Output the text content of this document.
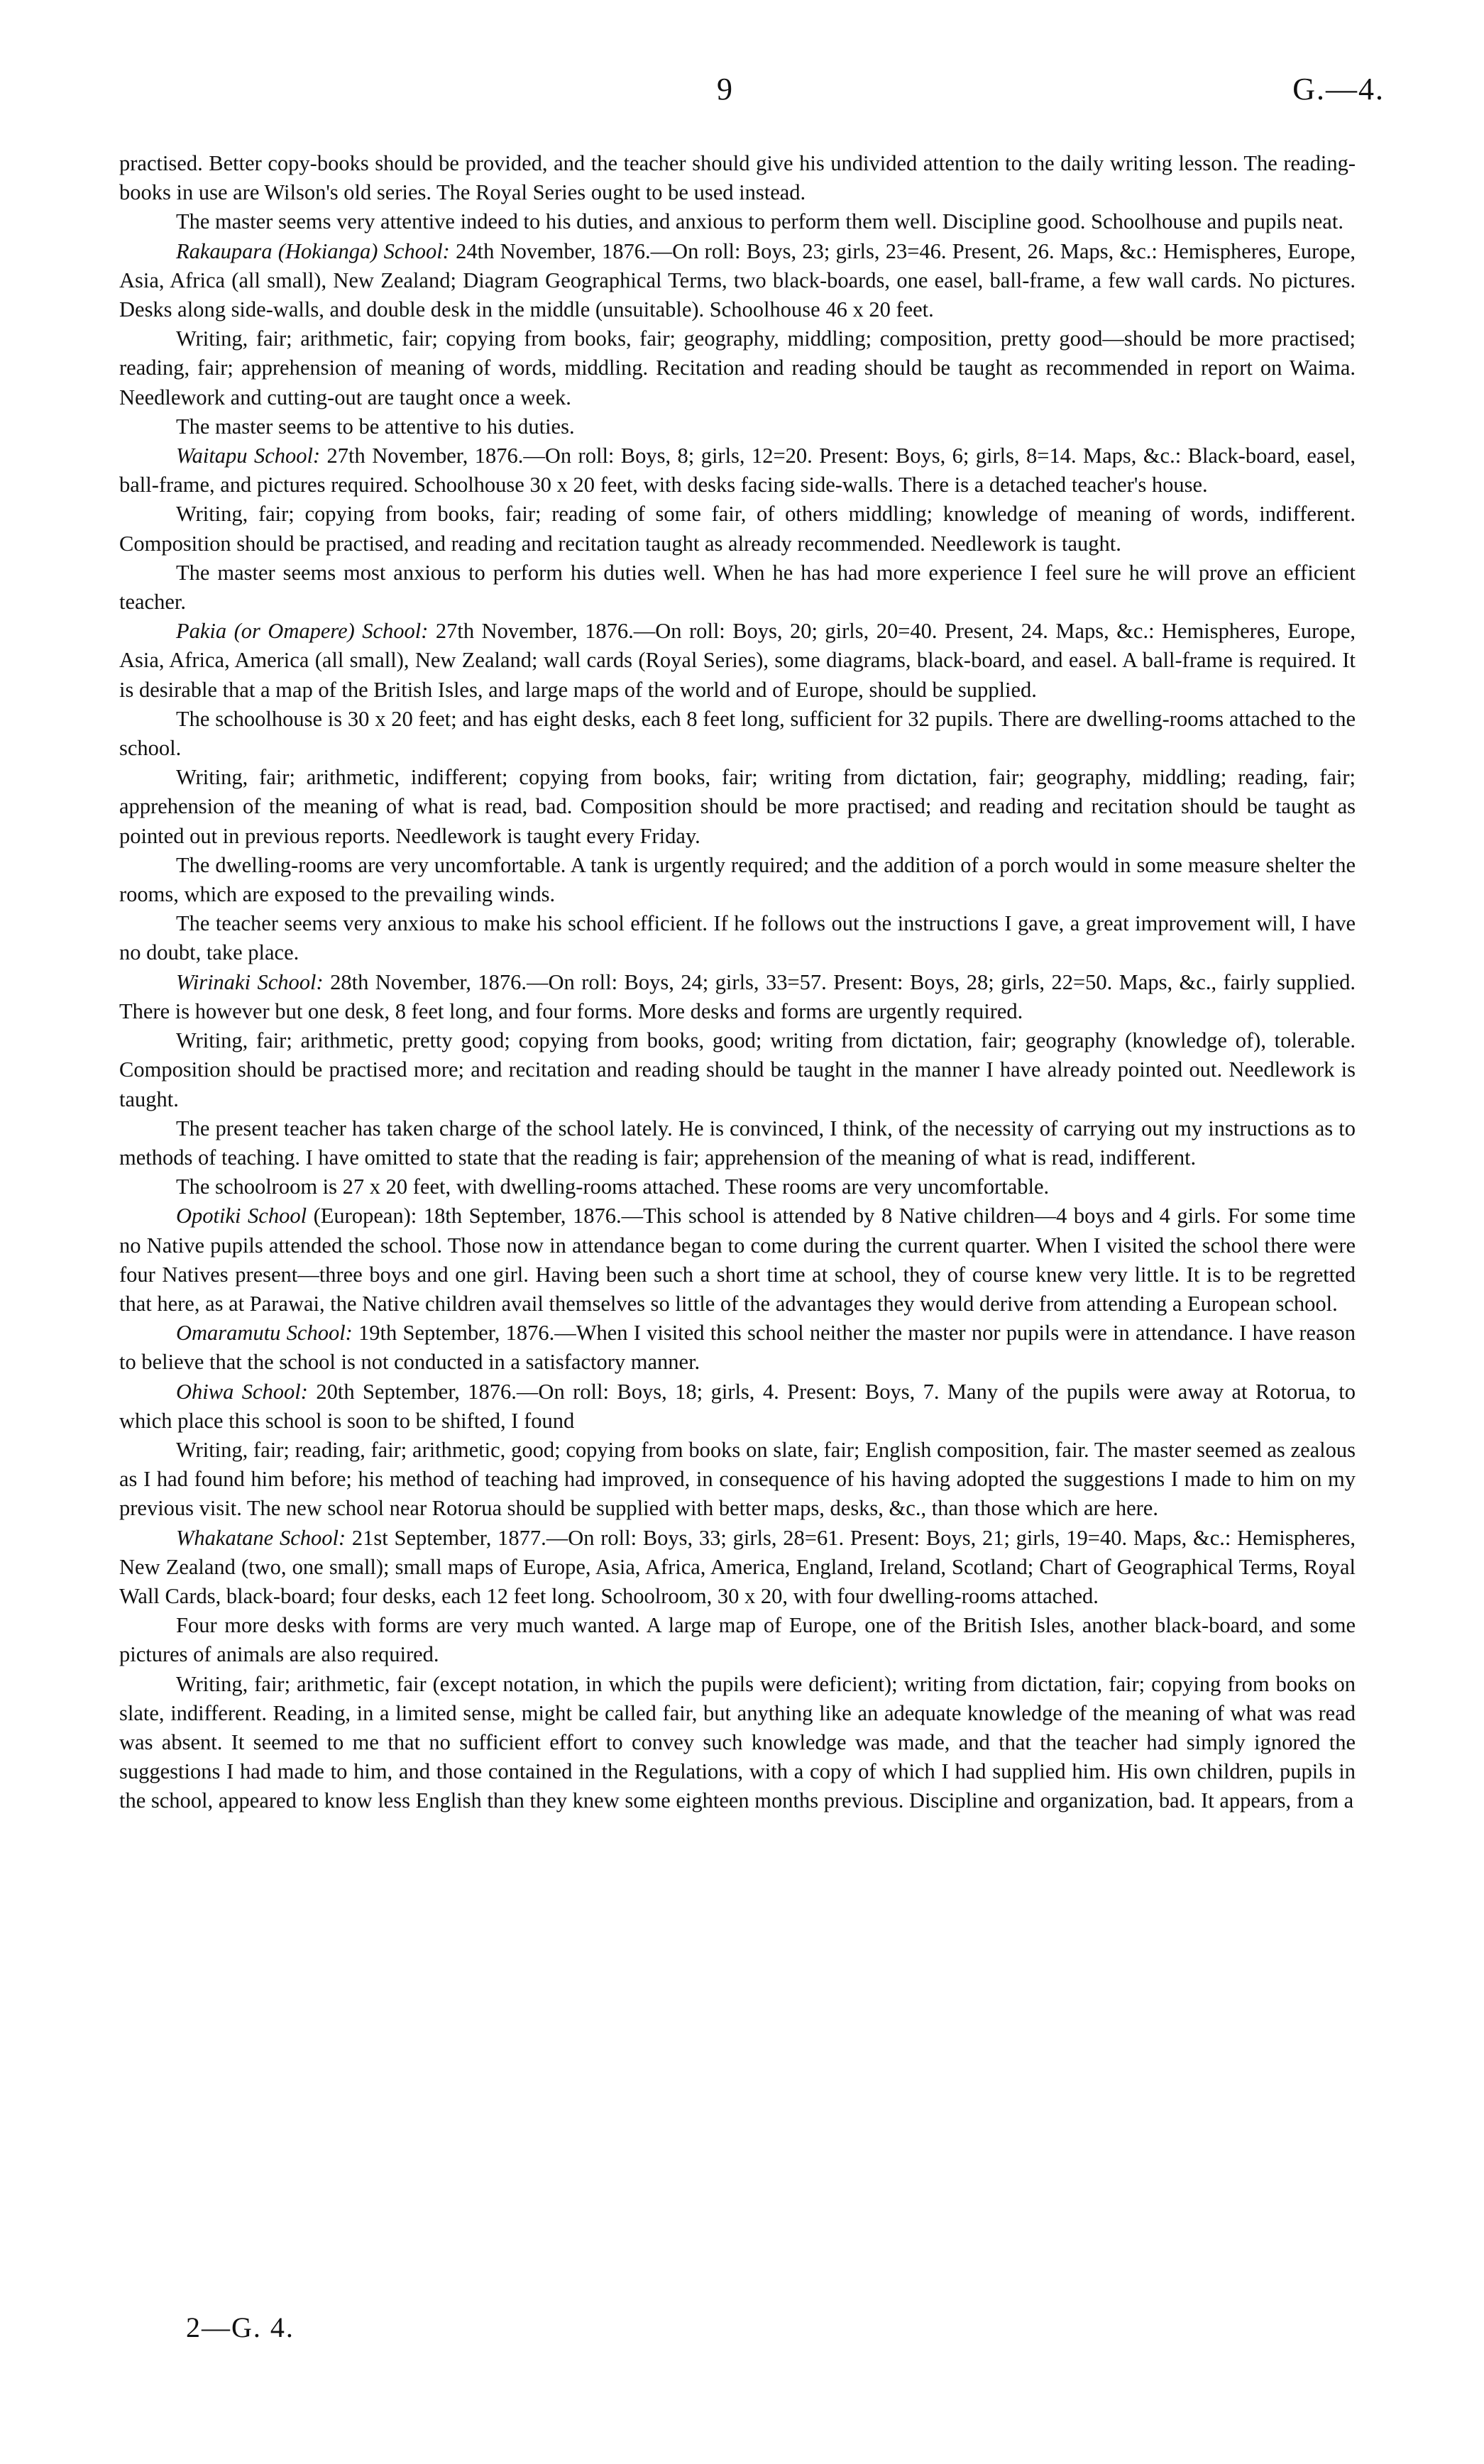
9	G.—4.

practised. Better copy-books should be provided, and the teacher should give his undivided attention to the daily writing lesson. The reading-books in use are Wilson's old series. The Royal Series ought to be used instead.

The master seems very attentive indeed to his duties, and anxious to perform them well. Discipline good. Schoolhouse and pupils neat.

Rakaupara (Hokianga) School: 24th November, 1876.—On roll: Boys, 23; girls, 23=46. Present, 26. Maps, &c.: Hemispheres, Europe, Asia, Africa (all small), New Zealand; Diagram Geographical Terms, two black-boards, one easel, ball-frame, a few wall cards. No pictures. Desks along side-walls, and double desk in the middle (unsuitable). Schoolhouse 46 x 20 feet.

Writing, fair; arithmetic, fair; copying from books, fair; geography, middling; composition, pretty good—should be more practised; reading, fair; apprehension of meaning of words, middling. Recitation and reading should be taught as recommended in report on Waima. Needlework and cutting-out are taught once a week.

The master seems to be attentive to his duties.

Waitapu School: 27th November, 1876.—On roll: Boys, 8; girls, 12=20. Present: Boys, 6; girls, 8=14. Maps, &c.: Black-board, easel, ball-frame, and pictures required. Schoolhouse 30 x 20 feet, with desks facing side-walls. There is a detached teacher's house.

Writing, fair; copying from books, fair; reading of some fair, of others middling; knowledge of meaning of words, indifferent. Composition should be practised, and reading and recitation taught as already recommended. Needlework is taught.

The master seems most anxious to perform his duties well. When he has had more experience I feel sure he will prove an efficient teacher.

Pakia (or Omapere) School: 27th November, 1876.—On roll: Boys, 20; girls, 20=40. Present, 24. Maps, &c.: Hemispheres, Europe, Asia, Africa, America (all small), New Zealand; wall cards (Royal Series), some diagrams, black-board, and easel. A ball-frame is required. It is desirable that a map of the British Isles, and large maps of the world and of Europe, should be supplied.

The schoolhouse is 30 x 20 feet; and has eight desks, each 8 feet long, sufficient for 32 pupils. There are dwelling-rooms attached to the school.

Writing, fair; arithmetic, indifferent; copying from books, fair; writing from dictation, fair; geography, middling; reading, fair; apprehension of the meaning of what is read, bad. Composition should be more practised; and reading and recitation should be taught as pointed out in previous reports. Needlework is taught every Friday.

The dwelling-rooms are very uncomfortable. A tank is urgently required; and the addition of a porch would in some measure shelter the rooms, which are exposed to the prevailing winds.

The teacher seems very anxious to make his school efficient. If he follows out the instructions I gave, a great improvement will, I have no doubt, take place.

Wirinaki School: 28th November, 1876.—On roll: Boys, 24; girls, 33=57. Present: Boys, 28; girls, 22=50. Maps, &c., fairly supplied. There is however but one desk, 8 feet long, and four forms. More desks and forms are urgently required.

Writing, fair; arithmetic, pretty good; copying from books, good; writing from dictation, fair; geography (knowledge of), tolerable. Composition should be practised more; and recitation and reading should be taught in the manner I have already pointed out. Needlework is taught.

The present teacher has taken charge of the school lately. He is convinced, I think, of the necessity of carrying out my instructions as to methods of teaching. I have omitted to state that the reading is fair; apprehension of the meaning of what is read, indifferent.

The schoolroom is 27 x 20 feet, with dwelling-rooms attached. These rooms are very uncomfortable.

Opotiki School (European): 18th September, 1876.—This school is attended by 8 Native children—4 boys and 4 girls. For some time no Native pupils attended the school. Those now in attendance began to come during the current quarter. When I visited the school there were four Natives present—three boys and one girl. Having been such a short time at school, they of course knew very little. It is to be regretted that here, as at Parawai, the Native children avail themselves so little of the advantages they would derive from attending a European school.

Omaramutu School: 19th September, 1876.—When I visited this school neither the master nor pupils were in attendance. I have reason to believe that the school is not conducted in a satisfactory manner.

Ohiwa School: 20th September, 1876.—On roll: Boys, 18; girls, 4. Present: Boys, 7. Many of the pupils were away at Rotorua, to which place this school is soon to be shifted, I found

Writing, fair; reading, fair; arithmetic, good; copying from books on slate, fair; English composition, fair. The master seemed as zealous as I had found him before; his method of teaching had improved, in consequence of his having adopted the suggestions I made to him on my previous visit. The new school near Rotorua should be supplied with better maps, desks, &c., than those which are here.

Whakatane School: 21st September, 1877.—On roll: Boys, 33; girls, 28=61. Present: Boys, 21; girls, 19=40. Maps, &c.: Hemispheres, New Zealand (two, one small); small maps of Europe, Asia, Africa, America, England, Ireland, Scotland; Chart of Geographical Terms, Royal Wall Cards, black-board; four desks, each 12 feet long. Schoolroom, 30 x 20, with four dwelling-rooms attached.

Four more desks with forms are very much wanted. A large map of Europe, one of the British Isles, another black-board, and some pictures of animals are also required.

Writing, fair; arithmetic, fair (except notation, in which the pupils were deficient); writing from dictation, fair; copying from books on slate, indifferent. Reading, in a limited sense, might be called fair, but anything like an adequate knowledge of the meaning of what was read was absent. It seemed to me that no sufficient effort to convey such knowledge was made, and that the teacher had simply ignored the suggestions I had made to him, and those contained in the Regulations, with a copy of which I had supplied him. His own children, pupils in the school, appeared to know less English than they knew some eighteen months previous. Discipline and organization, bad. It appears, from a

2—G. 4.
